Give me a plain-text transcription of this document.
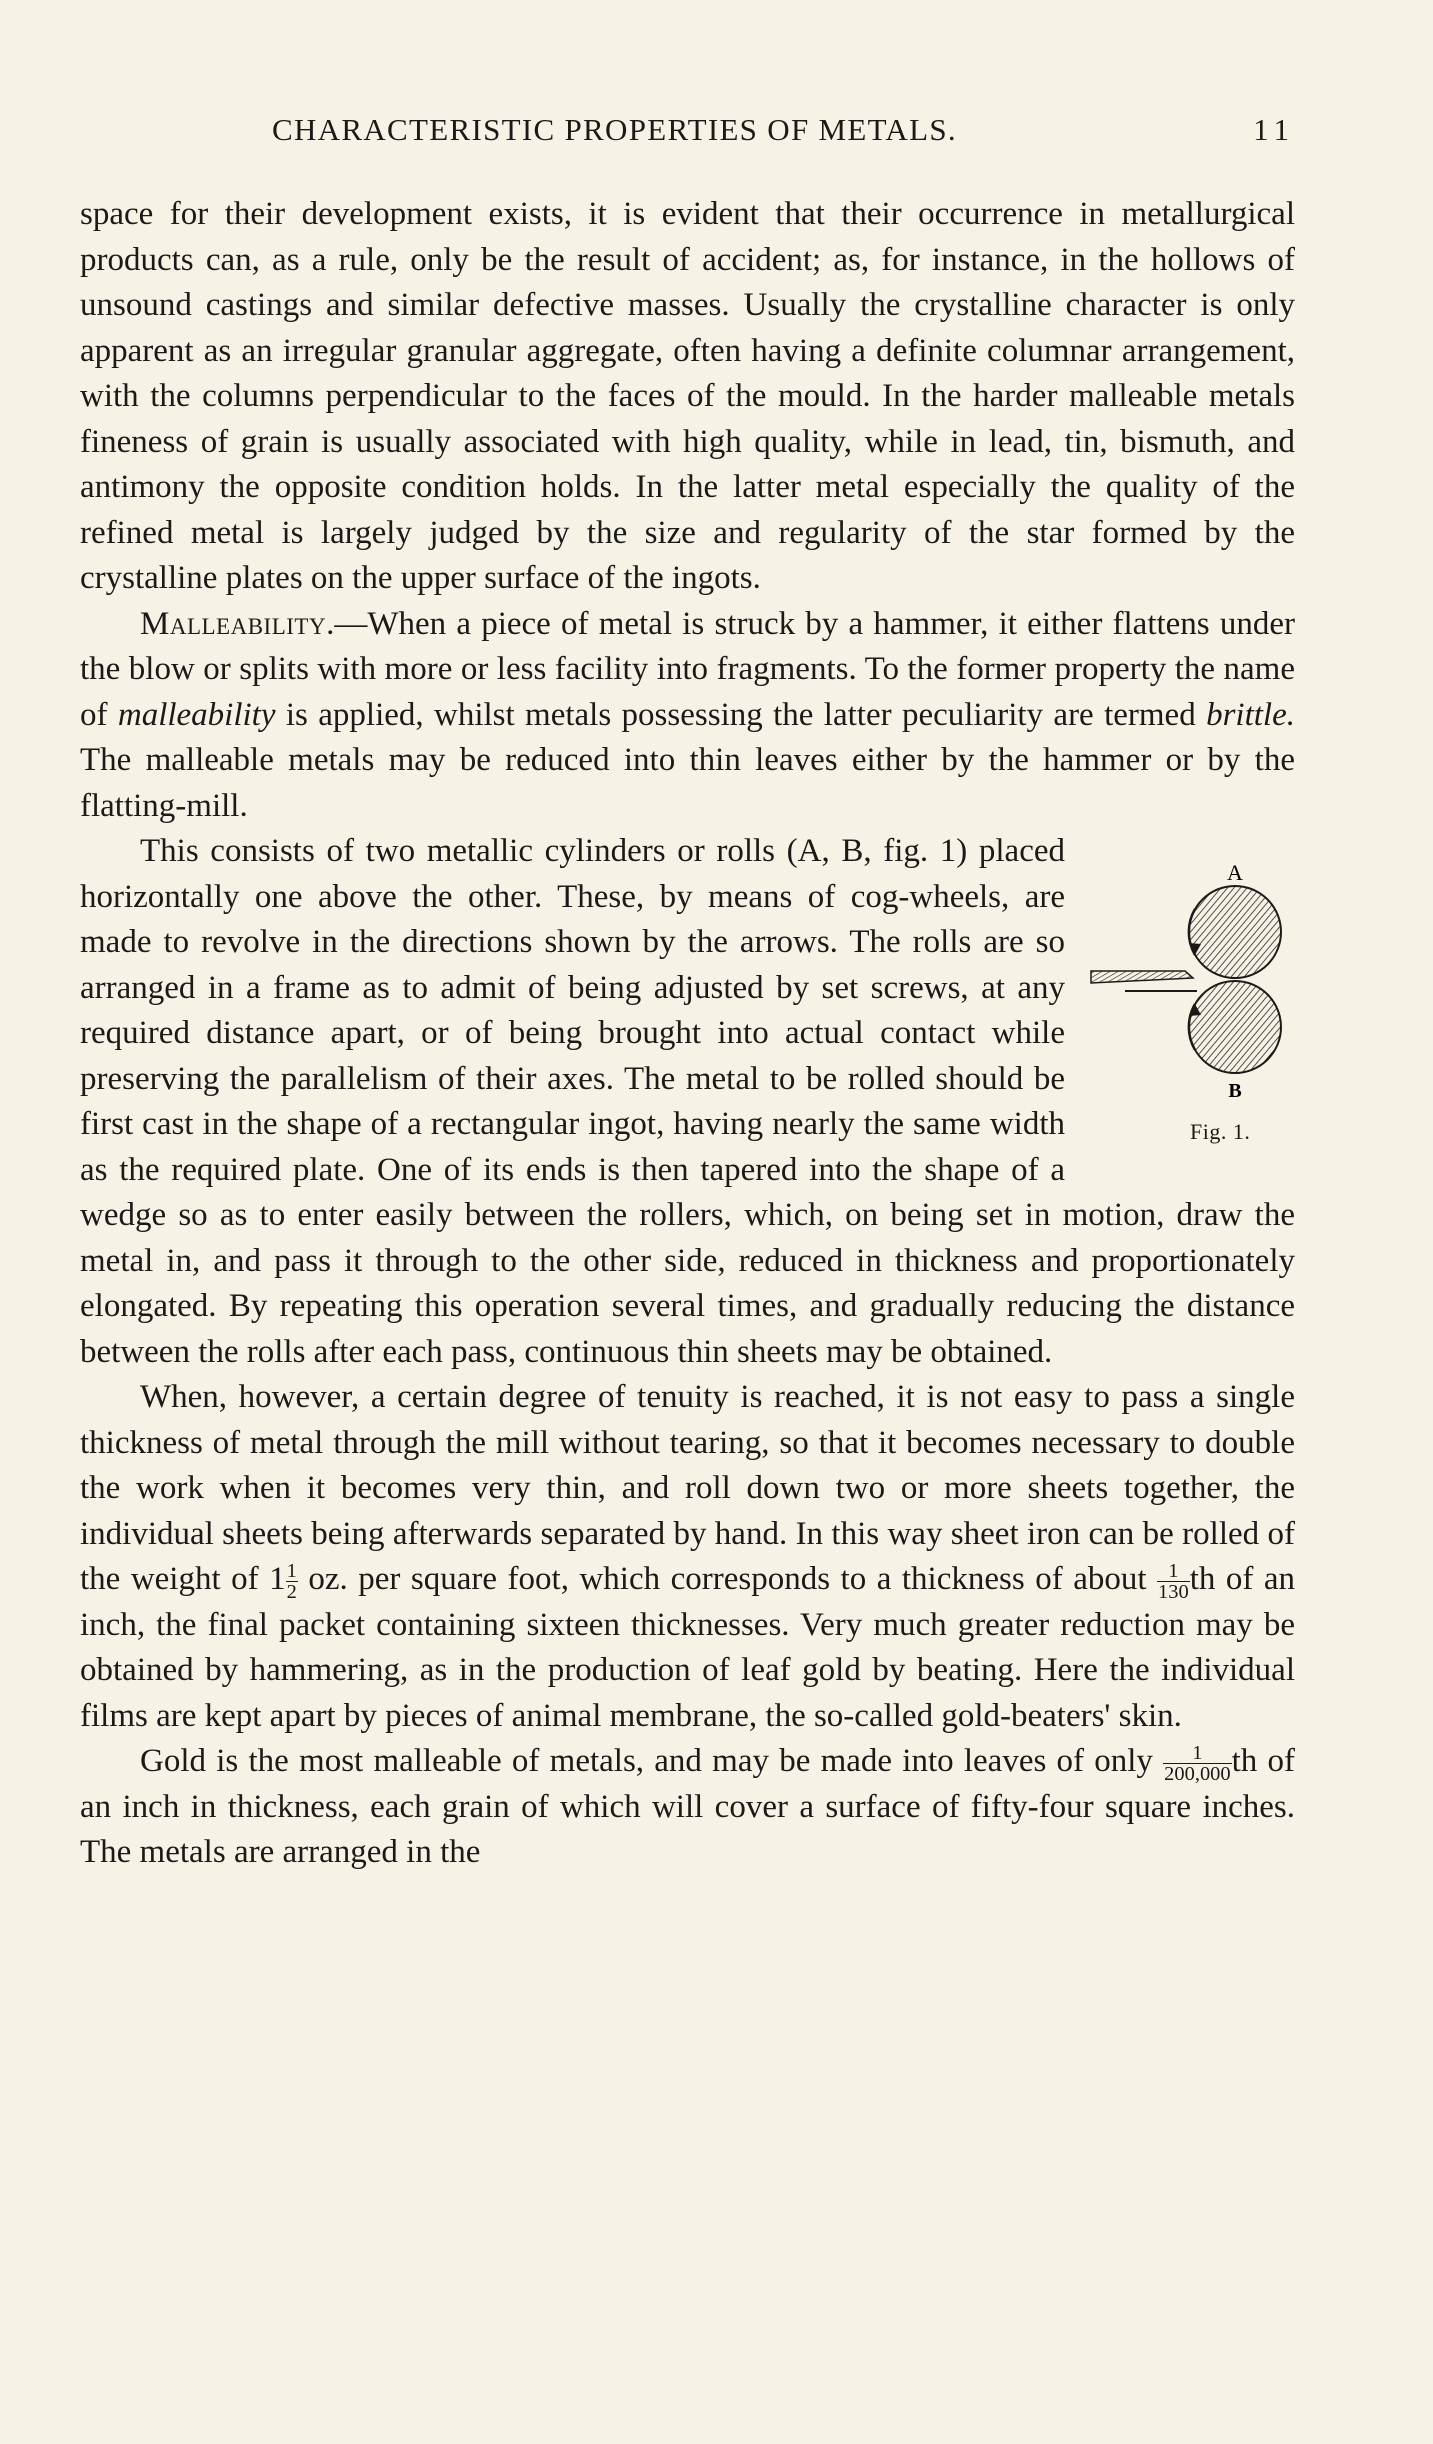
CHARACTERISTIC PROPERTIES OF METALS.	11

space for their development exists, it is evident that their occurrence in metallurgical products can, as a rule, only be the result of accident; as, for instance, in the hollows of unsound castings and similar defective masses. Usually the crystalline character is only apparent as an irregular granular aggregate, often having a definite columnar arrangement, with the columns perpendicular to the faces of the mould. In the harder malleable metals fineness of grain is usually associated with high quality, while in lead, tin, bismuth, and antimony the opposite condition holds. In the latter metal especially the quality of the refined metal is largely judged by the size and regularity of the star formed by the crystalline plates on the upper surface of the ingots.

Malleability.—When a piece of metal is struck by a hammer, it either flattens under the blow or splits with more or less facility into fragments. To the former property the name of malleability is applied, whilst metals possessing the latter peculiarity are termed brittle. The malleable metals may be reduced into thin leaves either by the hammer or by the flatting-mill.

A
B
Fig. 1.
This consists of two metallic cylinders or rolls (A, B, fig. 1) placed horizontally one above the other. These, by means of cog-wheels, are made to revolve in the directions shown by the arrows. The rolls are so arranged in a frame as to admit of being adjusted by set screws, at any required distance apart, or of being brought into actual contact while preserving the parallelism of their axes. The metal to be rolled should be first cast in the shape of a rectangular ingot, having nearly the same width as the required plate. One of its ends is then tapered into the shape of a wedge so as to enter easily between the rollers, which, on being set in motion, draw the metal in, and pass it through to the other side, reduced in thickness and proportionately elongated. By repeating this operation several times, and gradually reducing the distance between the rolls after each pass, continuous thin sheets may be obtained.

When, however, a certain degree of tenuity is reached, it is not easy to pass a single thickness of metal through the mill without tearing, so that it becomes necessary to double the work when it becomes very thin, and roll down two or more sheets together, the individual sheets being afterwards separated by hand. In this way sheet iron can be rolled of the weight of $1 \frac{1}{2}$ oz. per square foot, which corresponds to a thickness of about $\frac{1}{130}$ th of an inch, the final packet containing sixteen thicknesses. Very much greater reduction may be obtained by hammering, as in the production of leaf gold by beating. Here the individual films are kept apart by pieces of animal membrane, the so-called gold-beaters' skin.

Gold is the most malleable of metals, and may be made into leaves of only $\frac{1}{200,000}$ th of an inch in thickness, each grain of which will cover a surface of fifty-four square inches. The metals are arranged in the
